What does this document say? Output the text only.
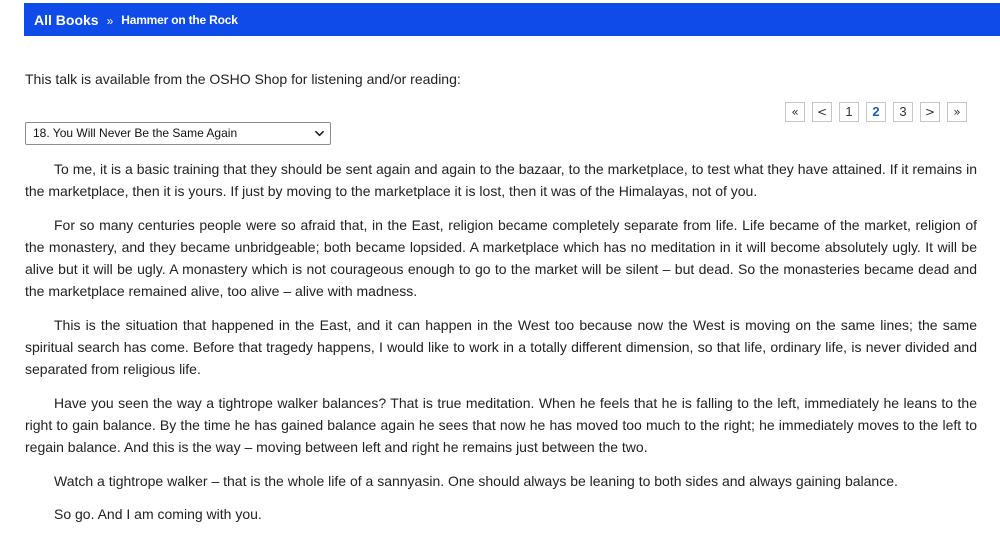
All Books » Hammer on the Rock
This talk is available from the OSHO Shop for listening and/or reading:
«	<	1	2	3	>	»
18. You Will Never Be the Same Again

To me, it is a basic training that they should be sent again and again to the bazaar, to the marketplace, to test what they have attained. If it remains in the marketplace, then it is yours. If just by moving to the marketplace it is lost, then it was of the Himalayas, not of you.

For so many centuries people were so afraid that, in the East, religion became completely separate from life. Life became of the market, religion of the monastery, and they became unbridgeable; both became lopsided. A marketplace which has no meditation in it will become absolutely ugly. It will be alive but it will be ugly. A monastery which is not courageous enough to go to the market will be silent – but dead. So the monasteries became dead and the marketplace remained alive, too alive – alive with madness.

This is the situation that happened in the East, and it can happen in the West too because now the West is moving on the same lines; the same spiritual search has come. Before that tragedy happens, I would like to work in a totally different dimension, so that life, ordinary life, is never divided and separated from religious life.

Have you seen the way a tightrope walker balances? That is true meditation. When he feels that he is falling to the left, immediately he leans to the right to gain balance. By the time he has gained balance again he sees that now he has moved too much to the right; he immediately moves to the left to regain balance. And this is the way – moving between left and right he remains just between the two.

Watch a tightrope walker – that is the whole life of a sannyasin. One should always be leaning to both sides and always gaining balance.

So go. And I am coming with you.
